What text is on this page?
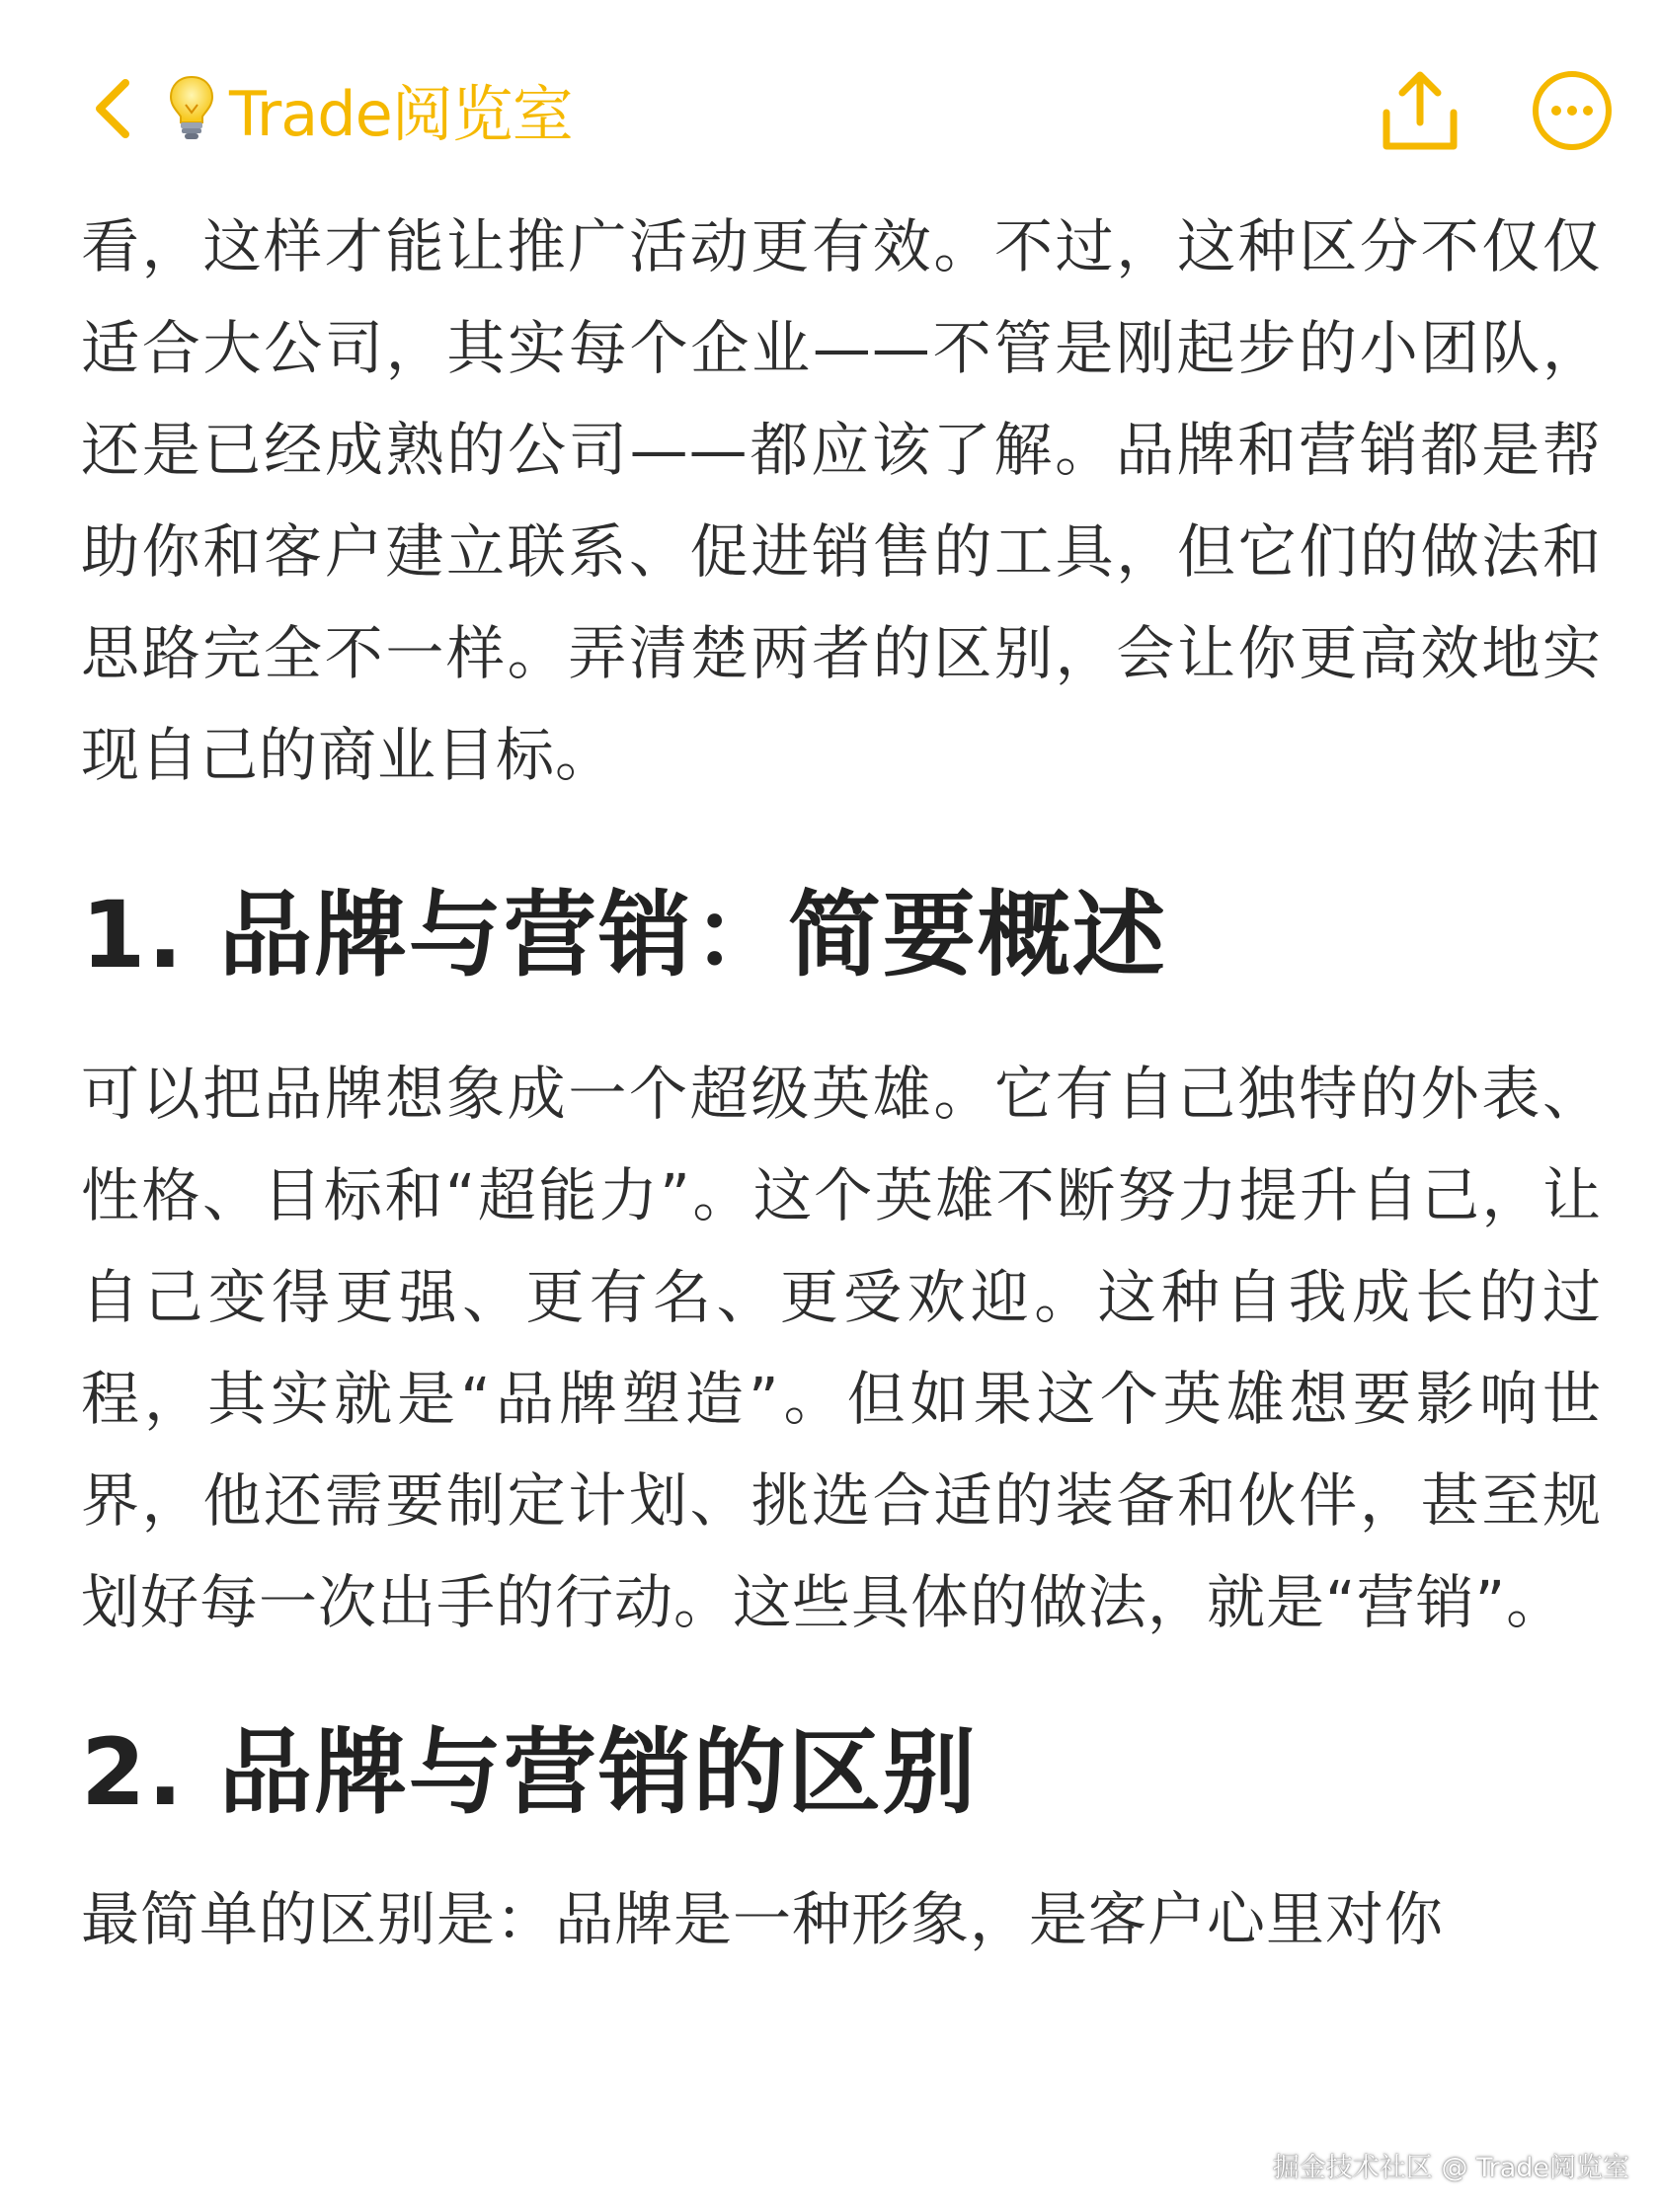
Trade阅览室

看，这样才能让推广活动更有效。不过，这种区分不仅仅适合大公司，其实每个企业——不管是刚起步的小团队，还是已经成熟的公司——都应该了解。品牌和营销都是帮助你和客户建立联系、促进销售的工具，但它们的做法和思路完全不一样。弄清楚两者的区别，会让你更高效地实现自己的商业目标。

1. 品牌与营销：简要概述

可以把品牌想象成一个超级英雄。它有自己独特的外表、性格、目标和“超能力”。这个英雄不断努力提升自己，让自己变得更强、更有名、更受欢迎。这种自我成长的过程，其实就是“品牌塑造”。但如果这个英雄想要影响世界，他还需要制定计划、挑选合适的装备和伙伴，甚至规划好每一次出手的行动。这些具体的做法，就是“营销”。

2. 品牌与营销的区别

最简单的区别是：品牌是一种形象，是客户心里对你

掘金技术社区 @ Trade阅览室
